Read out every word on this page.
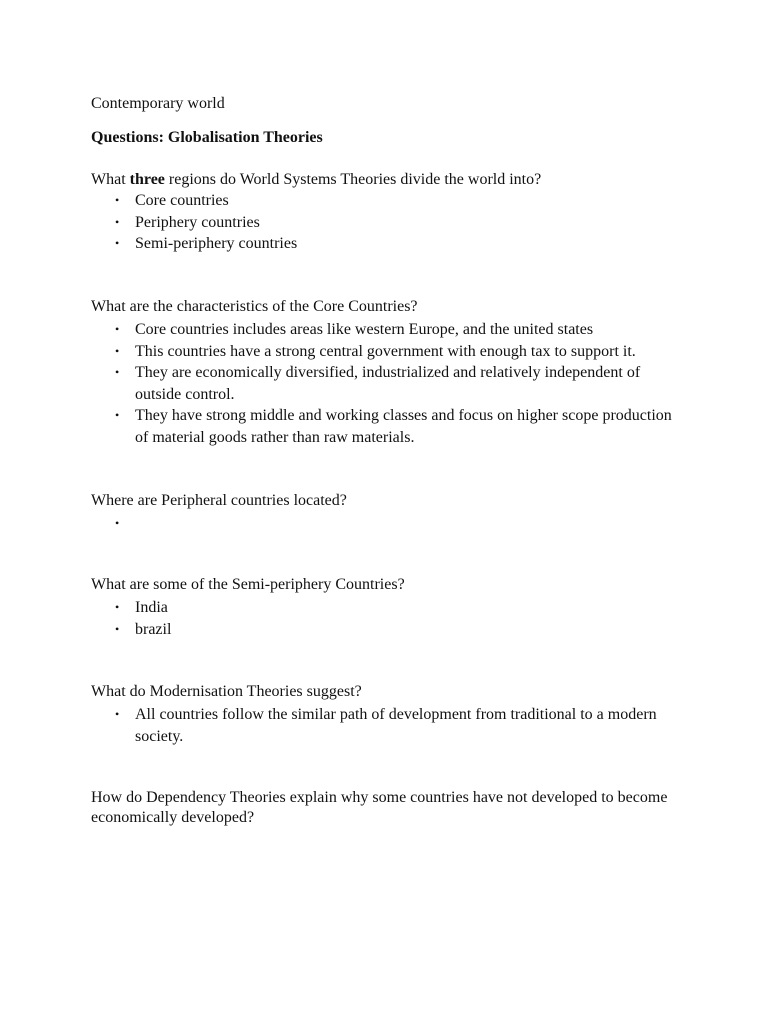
Contemporary world

Questions: Globalisation Theories

What three regions do World Systems Theories divide the world into?

• Core countries
• Periphery countries
• Semi-periphery countries

What are the characteristics of the Core Countries?

• Core countries includes areas like western Europe, and the united states
• This countries have a strong central government with enough tax to support it.
• They are economically diversified, industrialized and relatively independent of outside control.
• They have strong middle and working classes and focus on higher scope production of material goods rather than raw materials.

Where are Peripheral countries located?

•

What are some of the Semi-periphery Countries?

• India
• brazil

What do Modernisation Theories suggest?

• All countries follow the similar path of development from traditional to a modern society.

How do Dependency Theories explain why some countries have not developed to become economically developed?
